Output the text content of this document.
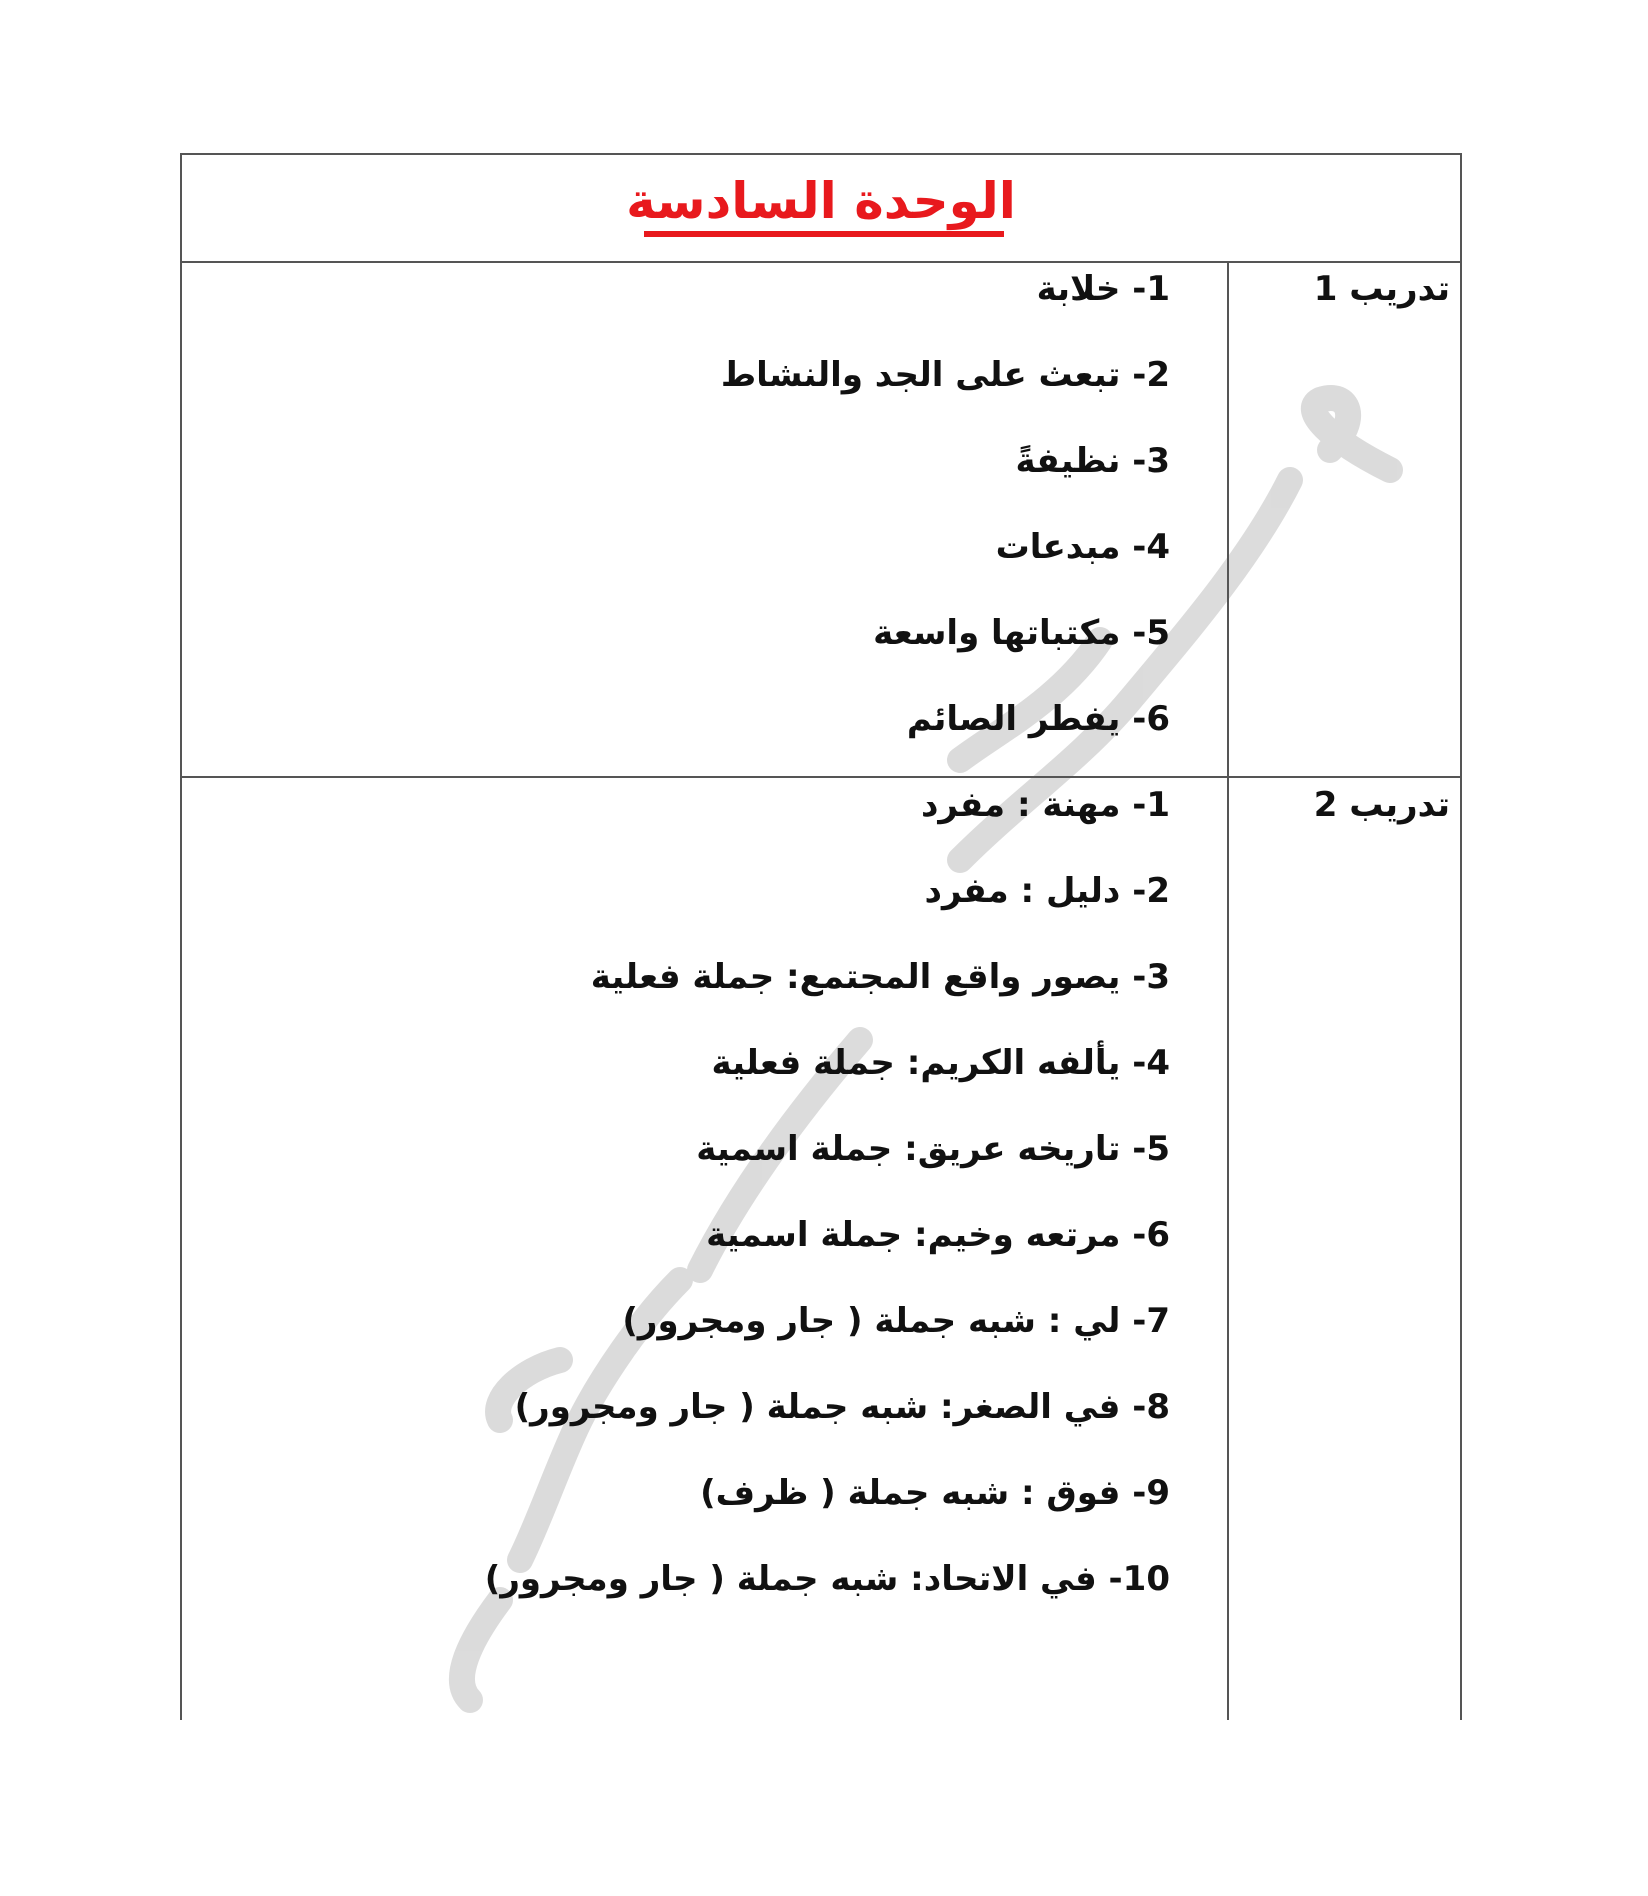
الوحدة السادسة
تدريب 1
1- خلابة
2- تبعث على الجد والنشاط
3- نظيفةً
4- مبدعات
5- مكتباتها واسعة
6- يفطر الصائم
تدريب 2
1- مهنة : مفرد
2- دليل : مفرد
3- يصور واقع المجتمع: جملة فعلية
4- يألفه الكريم: جملة فعلية
5- تاريخه عريق: جملة اسمية
6- مرتعه وخيم: جملة اسمية
7- لي : شبه جملة ( جار ومجرور)
8- في الصغر: شبه جملة ( جار ومجرور)
9- فوق : شبه جملة ( ظرف)
10- في الاتحاد: شبه جملة ( جار ومجرور)
